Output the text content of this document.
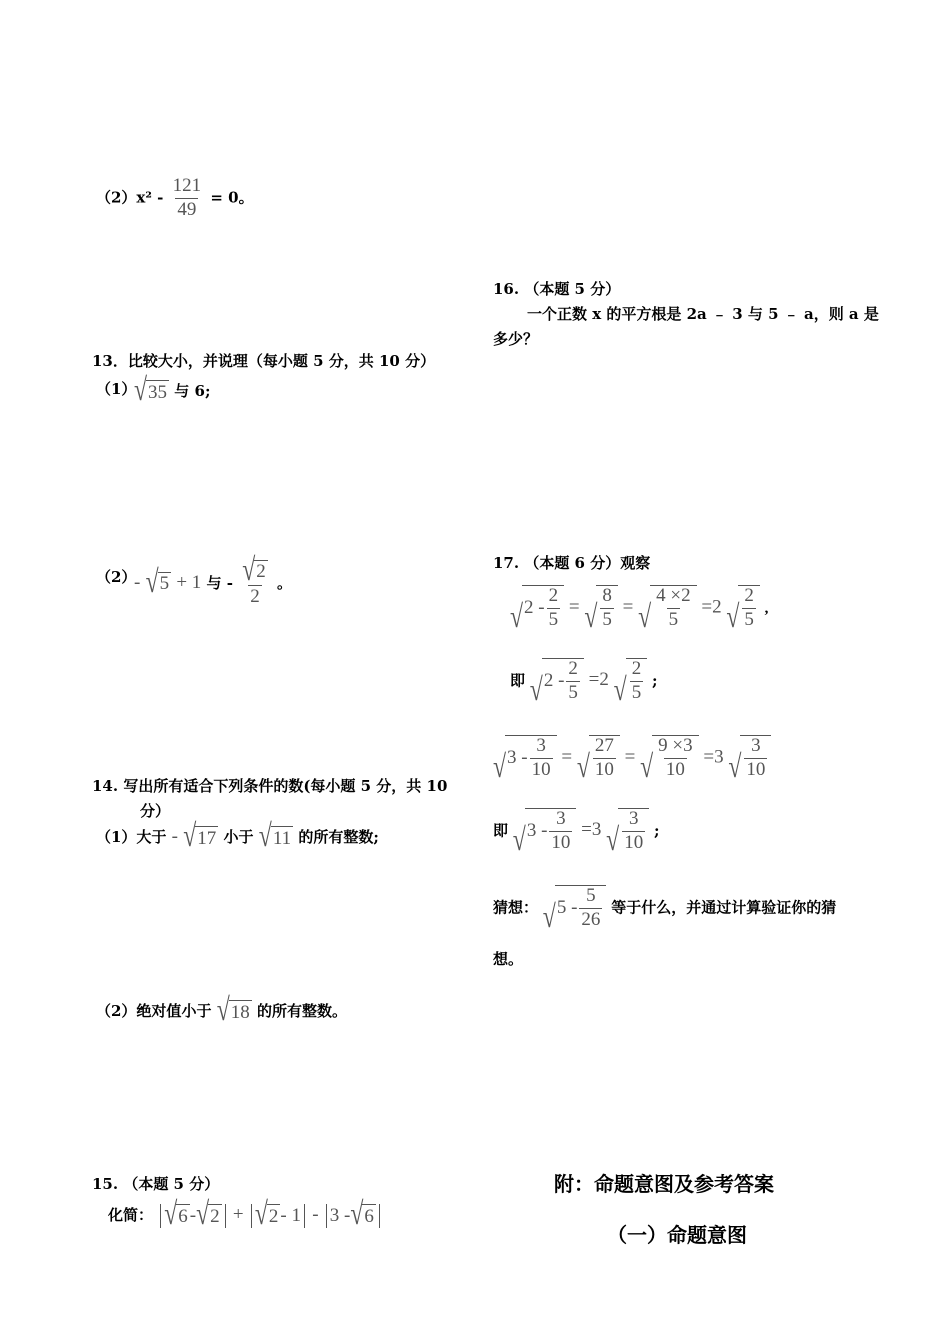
$(2)x^2 - \frac{121}{49} = 0$。
13．比较大小，并说理（每小题 5 分，共 10 分）
（1）
√ 35 与 6;
（2）
- √ 5 + 1 与 - $\frac{√ 2}{2}$ 。
14. 写出所有适合下列条件的数(每小题 5 分，共 10
分）
（1）大于 - √ 17 小于 √ 11 的所有整数;
（2）绝对值小于 √ 18 的所有整数。
15. （本题 5 分）
化简： √ 6 - √ 2 + √ 2 - 1 - 3 - √ 6
16. （本题 5 分）
一个正数 x 的平方根是 2a ﹣ 3 与 5 ﹣ a，则 a 是
多少？
17. （本题 6 分）观察
√ $2 - \frac{2}{5}$ = √ $\frac{8}{5}$ = √ $\frac{4 \times 2}{5} =2$ √ $\frac{2}{5}$ ,
即 √ $2 - \frac{2}{5} =2$ √ $\frac{2}{5}$ ;
√ $3 - \frac{3}{10}$ = √ $\frac{27}{10}$ = √ $\frac{9 \times 3}{10} =3$ √ $\frac{3}{10}$
即 √ $3 - \frac{3}{10} =3$ √ $\frac{3}{10}$ ;
猜想： √ $5 - \frac{5}{26}$ 等于什么，并通过计算验证你的猜
想。
附：命题意图及参考答案
（一）命题意图
